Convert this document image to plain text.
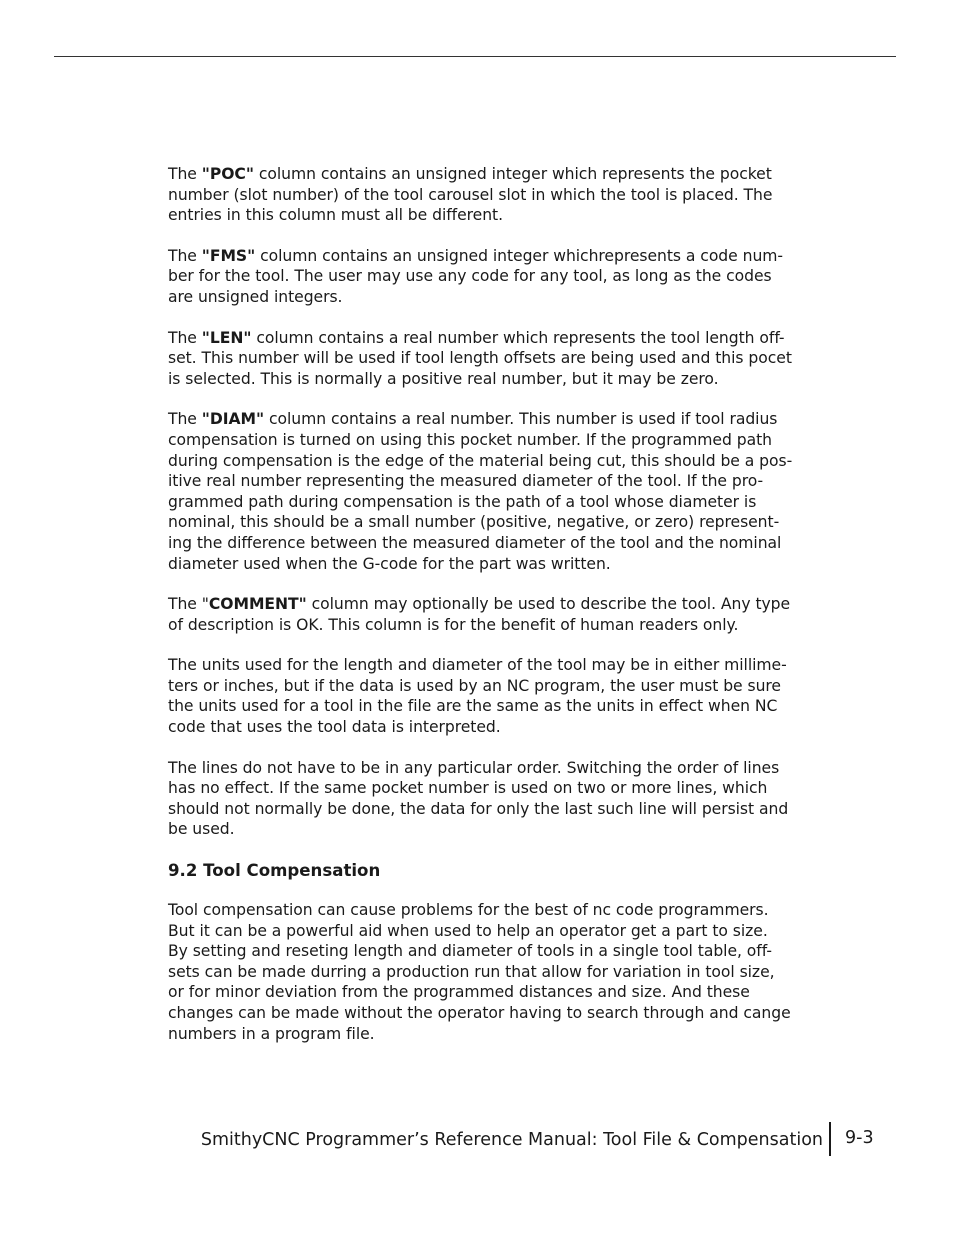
The "POC" column contains an unsigned integer which represents the pocket
number (slot number) of the tool carousel slot in which the tool is placed. The
entries in this column must all be different.

The "FMS" column contains an unsigned integer whichrepresents a code num-
ber for the tool. The user may use any code for any tool, as long as the codes
are unsigned integers.

The "LEN" column contains a real number which represents the tool length off-
set. This number will be used if tool length offsets are being used and this pocet
is selected. This is normally a positive real number, but it may be zero.

The "DIAM" column contains a real number. This number is used if tool radius
compensation is turned on using this pocket number. If the programmed path
during compensation is the edge of the material being cut, this should be a pos-
itive real number representing the measured diameter of the tool. If the pro-
grammed path during compensation is the path of a tool whose diameter is
nominal, this should be a small number (positive, negative, or zero) represent-
ing the difference between the measured diameter of the tool and the nominal
diameter used when the G-code for the part was written.

The "COMMENT" column may optionally be used to describe the tool. Any type
of description is OK. This column is for the benefit of human readers only.

The units used for the length and diameter of the tool may be in either millime-
ters or inches, but if the data is used by an NC program, the user must be sure
the units used for a tool in the file are the same as the units in effect when NC
code that uses the tool data is interpreted.

The lines do not have to be in any particular order. Switching the order of lines
has no effect. If the same pocket number is used on two or more lines, which
should not normally be done, the data for only the last such line will persist and
be used.

9.2 Tool Compensation

Tool compensation can cause problems for the best of nc code programmers.
But it can be a powerful aid when used to help an operator get a part to size.
By setting and reseting length and diameter of tools in a single tool table, off-
sets can be made durring a production run that allow for variation in tool size,
or for minor deviation from the programmed distances and size. And these
changes can be made without the operator having to search through and cange
numbers in a program file.

SmithyCNC Programmer’s Reference Manual: Tool File & Compensation 9-3
